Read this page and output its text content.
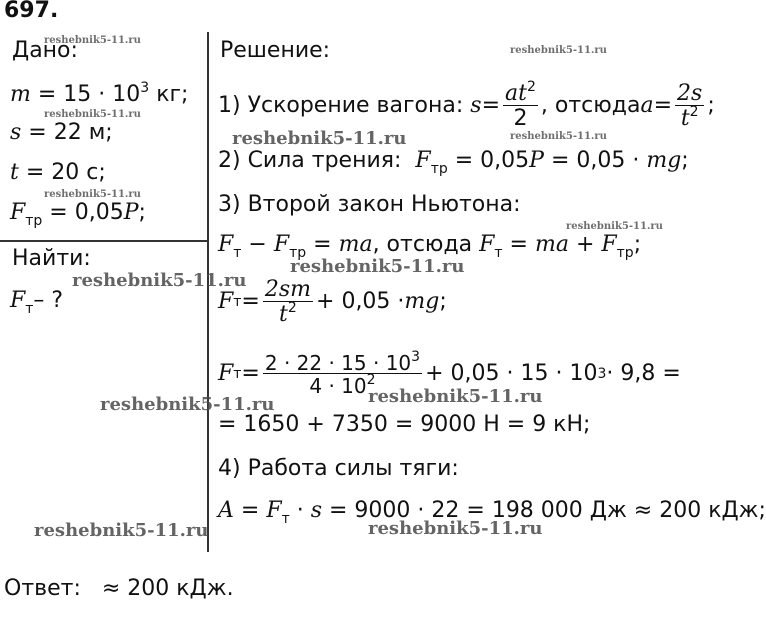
697.
Дано:
$m = 15 \cdot 10^3$ кг;
s = 22 м;
t = 20 с;
$F_{тр} = 0,05P$;
Найти:
$F_т-$ ?
Решение:
1) Ускорение вагона:
$s = \frac{at^2}{2}$ , отсюда $a = \frac{2s}{t^2}$ ;
2) Сила трения: $F_{тр} = 0,05P = 0,05$ · mg;
3) Второй закон Ньютона:
$F_т - F_{тр}$ = ma, отсюда $F_т$ = ma + $F_{тр}$;
F $т = \frac{2sm}{t^2} + 0,05$ · mg ;
F $т = \frac{2 \cdot 22 \cdot 15 \cdot 10^3}{4 \cdot 10^2} + 0,05 \cdot 15 \cdot 10$ 3 · 9,8 =
= 1650 + 7350 = 9000 Н = 9 кН;
4) Работа силы тяги:
$A = F_т \cdot s = 9000 \cdot 22 = 198$ 000 Дж ≈ 200 кДж;
Ответ: ≈ 200 кДж.
reshebnik5-11.ru
reshebnik5-11.ru
reshebnik5-11.ru
reshebnik5-11.ru
reshebnik5-11.ru
reshebnik5-11.ru
reshebnik5-11.ru
reshebnik5-11.ru
reshebnik5-11.ru
reshebnik5-11.ru	reshebnik5-11.ru
reshebnik5-11.ru	reshebnik5-11.ru
